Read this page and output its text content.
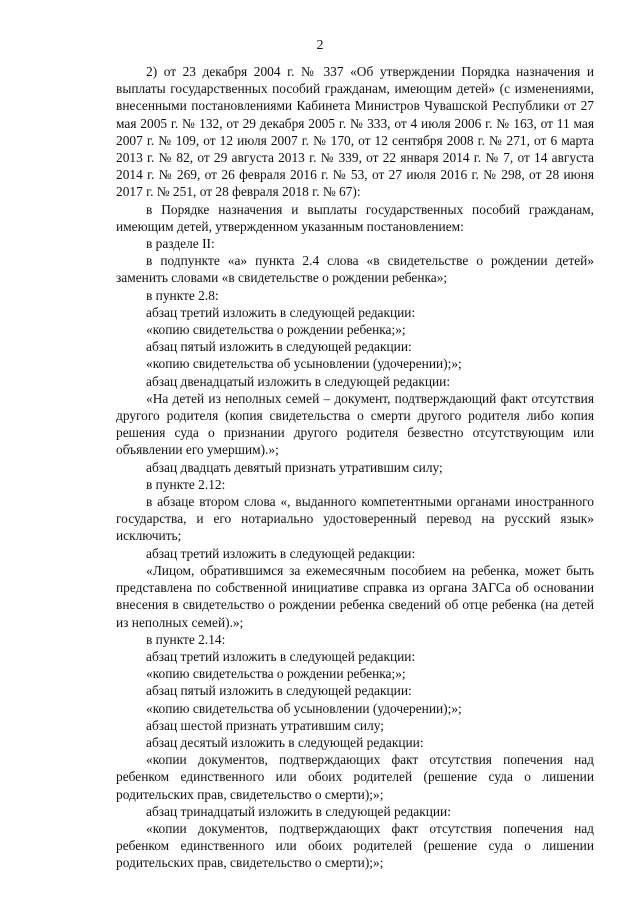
2

2) от 23 декабря 2004 г. № 337 «Об утверждении Порядка назначения и выплаты государственных пособий гражданам, имеющим детей» (с изменениями, внесенными постановлениями Кабинета Министров Чувашской Республики от 27 мая 2005 г. № 132, от 29 декабря 2005 г. № 333, от 4 июля 2006 г. № 163, от 11 мая 2007 г. № 109, от 12 июля 2007 г. № 170, от 12 сентября 2008 г. № 271, от 6 марта 2013 г. № 82, от 29 августа 2013 г. № 339, от 22 января 2014 г. № 7, от 14 августа 2014 г. № 269, от 26 февраля 2016 г. № 53, от 27 июля 2016 г. № 298, от 28 июня 2017 г. № 251, от 28 февраля 2018 г. № 67):

в Порядке назначения и выплаты государственных пособий гражданам, имеющим детей, утвержденном указанным постановлением:

в разделе II:

в подпункте «а» пункта 2.4 слова «в свидетельстве о рождении детей» заменить словами «в свидетельстве о рождении ребенка»;

в пункте 2.8:

абзац третий изложить в следующей редакции:

«копию свидетельства о рождении ребенка;»;

абзац пятый изложить в следующей редакции:

«копию свидетельства об усыновлении (удочерении);»;

абзац двенадцатый изложить в следующей редакции:

«На детей из неполных семей – документ, подтверждающий факт отсутствия другого родителя (копия свидетельства о смерти другого родителя либо копия решения суда о признании другого родителя безвестно отсутствующим или объявлении его умершим).»;

абзац двадцать девятый признать утратившим силу;

в пункте 2.12:

в абзаце втором слова «, выданного компетентными органами иностранного государства, и его нотариально удостоверенный перевод на русский язык» исключить;

абзац третий изложить в следующей редакции:

«Лицом, обратившимся за ежемесячным пособием на ребенка, может быть представлена по собственной инициативе справка из органа ЗАГСа об основании внесения в свидетельство о рождении ребенка сведений об отце ребенка (на детей из неполных семей).»;

в пункте 2.14:

абзац третий изложить в следующей редакции:

«копию свидетельства о рождении ребенка;»;

абзац пятый изложить в следующей редакции:

«копию свидетельства об усыновлении (удочерении);»;

абзац шестой признать утратившим силу;

абзац десятый изложить в следующей редакции:

«копии документов, подтверждающих факт отсутствия попечения над ребенком единственного или обоих родителей (решение суда о лишении родительских прав, свидетельство о смерти);»;

абзац тринадцатый изложить в следующей редакции:

«копии документов, подтверждающих факт отсутствия попечения над ребенком единственного или обоих родителей (решение суда о лишении родительских прав, свидетельство о смерти);»;
